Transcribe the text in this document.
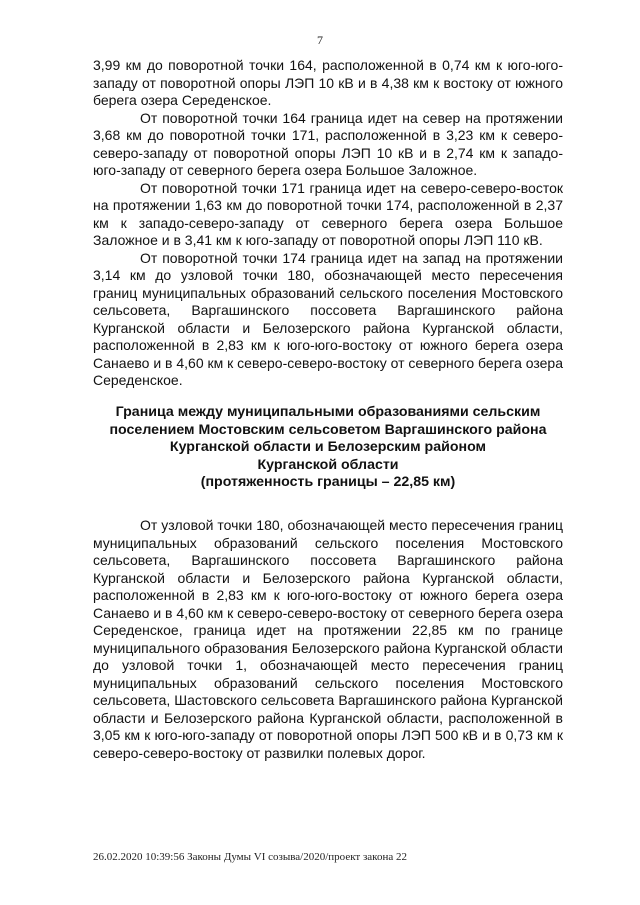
7

3,99 км до поворотной точки 164, расположенной в 0,74 км к юго-юго-западу от поворотной опоры ЛЭП 10 кВ и в 4,38 км к востоку от южного берега озера Середенское.

От поворотной точки 164 граница идет на север на протяжении 3,68 км до поворотной точки 171, расположенной в 3,23 км к северо-северо-западу от поворотной опоры ЛЭП 10 кВ и в 2,74 км к западо-юго-западу от северного берега озера Большое Заложное.

От поворотной точки 171 граница идет на северо-северо-восток на протяжении 1,63 км до поворотной точки 174, расположенной в 2,37 км к западо-северо-западу от северного берега озера Большое Заложное и в 3,41 км к юго-западу от поворотной опоры ЛЭП 110 кВ.

От поворотной точки 174 граница идет на запад на протяжении 3,14 км до узловой точки 180, обозначающей место пересечения границ муниципальных образований сельского поселения Мостовского сельсовета, Варгашинского поссовета Варгашинского района Курганской области и Белозерского района Курганской области, расположенной в 2,83 км к юго-юго-востоку от южного берега озера Санаево и в 4,60 км к северо-северо-востоку от северного берега озера Середенское.

Граница между муниципальными образованиями сельским
поселением Мостовским сельсоветом Варгашинского района
Курганской области и Белозерским районом
Курганской области
(протяженность границы – 22,85 км)

От узловой точки 180, обозначающей место пересечения границ муниципальных образований сельского поселения Мостовского сельсовета, Варгашинского поссовета Варгашинского района Курганской области и Белозерского района Курганской области, расположенной в 2,83 км к юго-юго-востоку от южного берега озера Санаево и в 4,60 км к северо-северо-востоку от северного берега озера Середенское, граница идет на протяжении 22,85 км по границе муниципального образования Белозерского района Курганской области до узловой точки 1, обозначающей место пересечения границ муниципальных образований сельского поселения Мостовского сельсовета, Шастовского сельсовета Варгашинского района Курганской области и Белозерского района Курганской области, расположенной в 3,05 км к юго-юго-западу от поворотной опоры ЛЭП 500 кВ и в 0,73 км к северо-северо-востоку от развилки полевых дорог.

26.02.2020 10:39:56 Законы Думы VI созыва/2020/проект закона 22
